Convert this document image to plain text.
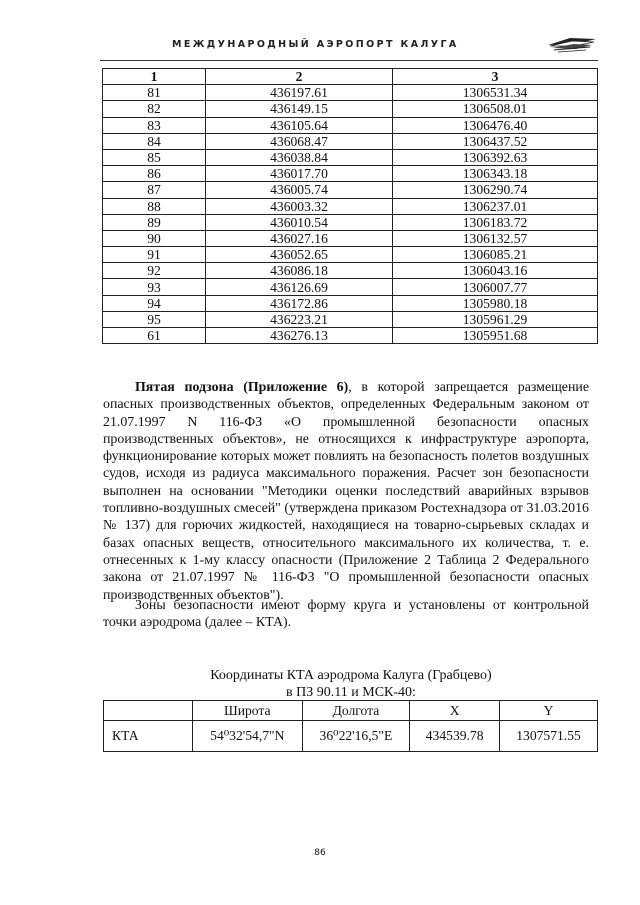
МЕЖДУНАРОДНЫЙ АЭРОПОРТ КАЛУГА
1	2	3
81	436197.61	1306531.34
82	436149.15	1306508.01
83	436105.64	1306476.40
84	436068.47	1306437.52
85	436038.84	1306392.63
86	436017.70	1306343.18
87	436005.74	1306290.74
88	436003.32	1306237.01
89	436010.54	1306183.72
90	436027.16	1306132.57
91	436052.65	1306085.21
92	436086.18	1306043.16
93	436126.69	1306007.77
94	436172.86	1305980.18
95	436223.21	1305961.29
61	436276.13	1305951.68

Пятая подзона (Приложение 6), в которой запрещается размещение опасных производственных объектов, определенных Федеральным законом от 21.07.1997 N 116-ФЗ «О промышленной безопасности опасных производственных объектов», не относящихся к инфраструктуре аэропорта, функционирование которых может повлиять на безопасность полетов воздушных судов, исходя из радиуса максимального поражения. Расчет зон безопасности выполнен на основании "Методики оценки последствий аварийных взрывов топливно-воздушных смесей" (утверждена приказом Ростехнадзора от 31.03.2016 № 137) для горючих жидкостей, находящиеся на товарно-сырьевых складах и базах опасных веществ, относительного максимального их количества, т. е. отнесенных к 1-му классу опасности (Приложение 2 Таблица 2 Федерального закона от 21.07.1997 № 116-ФЗ "О промышленной безопасности опасных производственных объектов").

Зоны безопасности имеют форму круга и установлены от контрольной точки аэродрома (далее – КТА).

Координаты КТА аэродрома Калуга (Грабцево)
в ПЗ 90.11 и МСК-40:
	Широта	Долгота	X	Y
КТА	54⁰32'54,7"N	36⁰22'16,5"E	434539.78	1307571.55
86
